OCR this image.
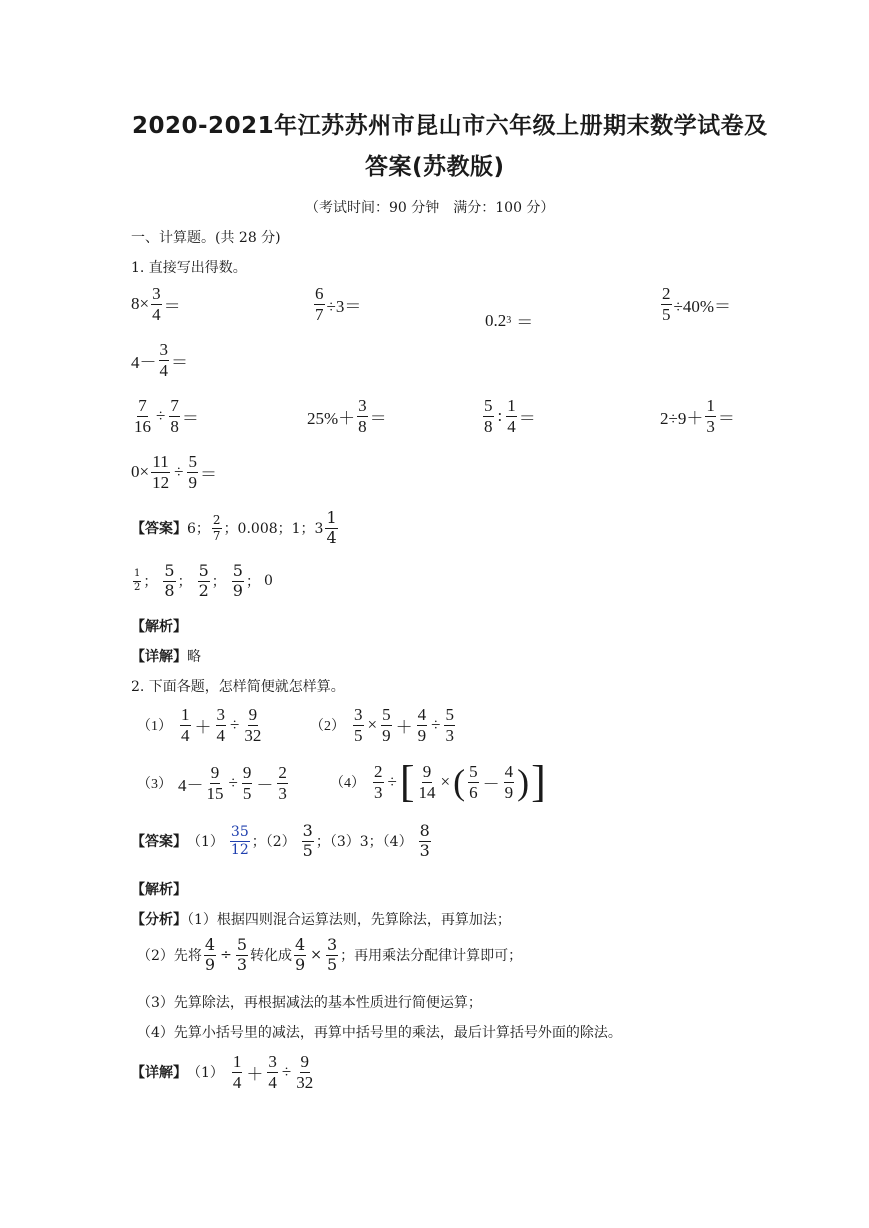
2020-2021年江苏苏州市昆山市六年级上册期末数学试卷及
答案(苏教版)
（考试时间：90 分钟　满分：100 分）
一、计算题。(共 28 分)
1. 直接写出得数。
$8\times \frac{3}{4}$ ＝	$\frac{6}{7} \div 3=$
0.2 3 ＝	$\frac{2}{5} \div 40\%=$
$4- \frac{3}{4}$ ＝
$\frac{7}{16} \div \frac{7}{8}$ ＝	$25\%+ \frac{3}{8}$ ＝	$\frac{5}{8}$ : $\frac{1}{4}$ ＝	$2\div 9+ \frac{1}{3}$ ＝
$0\times \frac{11}{12} \div \frac{5}{9}$ ＝
【答案】 6； $\frac{2}{7}$ ；0.008；1；$3 \frac{1}{4}$
$\frac{1}{2}$ ； $\frac{5}{8}$ ； $\frac{5}{2}$ ； $\frac{5}{9}$ ； 0
【解析】
【详解】略
2. 下面各题，怎样简便就怎样算。
$(1) \frac{1}{4} + \frac{3}{4} \div \frac{9}{32}$	$(2) \frac{3}{5} \times \frac{5}{9} + \frac{4}{9} \div \frac{5}{3}$
（3） $4- \frac{9}{15} \div \frac{9}{5} - \frac{2}{3}$	$(4) \frac{2}{3}$ ÷ [ $\frac{9}{14}$ × ( $\frac{5}{6} - \frac{4}{9}$ ) ]
【答案】 $(1) \frac{35}{12}$ ；$(2) \frac{3}{5}$ ；（3）3；$(4) \frac{8}{3}$
【解析】
【分析】（1）根据四则混合运算法则，先算除法，再算加法；
（2）先将 $\frac{4}{9} \div \frac{5}{3}$ 转化成 $\frac{4}{9} \times \frac{3}{5}$ ；再用乘法分配律计算即可；
（3）先算除法，再根据减法的基本性质进行简便运算；
（4）先算小括号里的减法，再算中括号里的乘法，最后计算括号外面的除法。
【详解】 $(1) \frac{1}{4} + \frac{3}{4} \div \frac{9}{32}$
